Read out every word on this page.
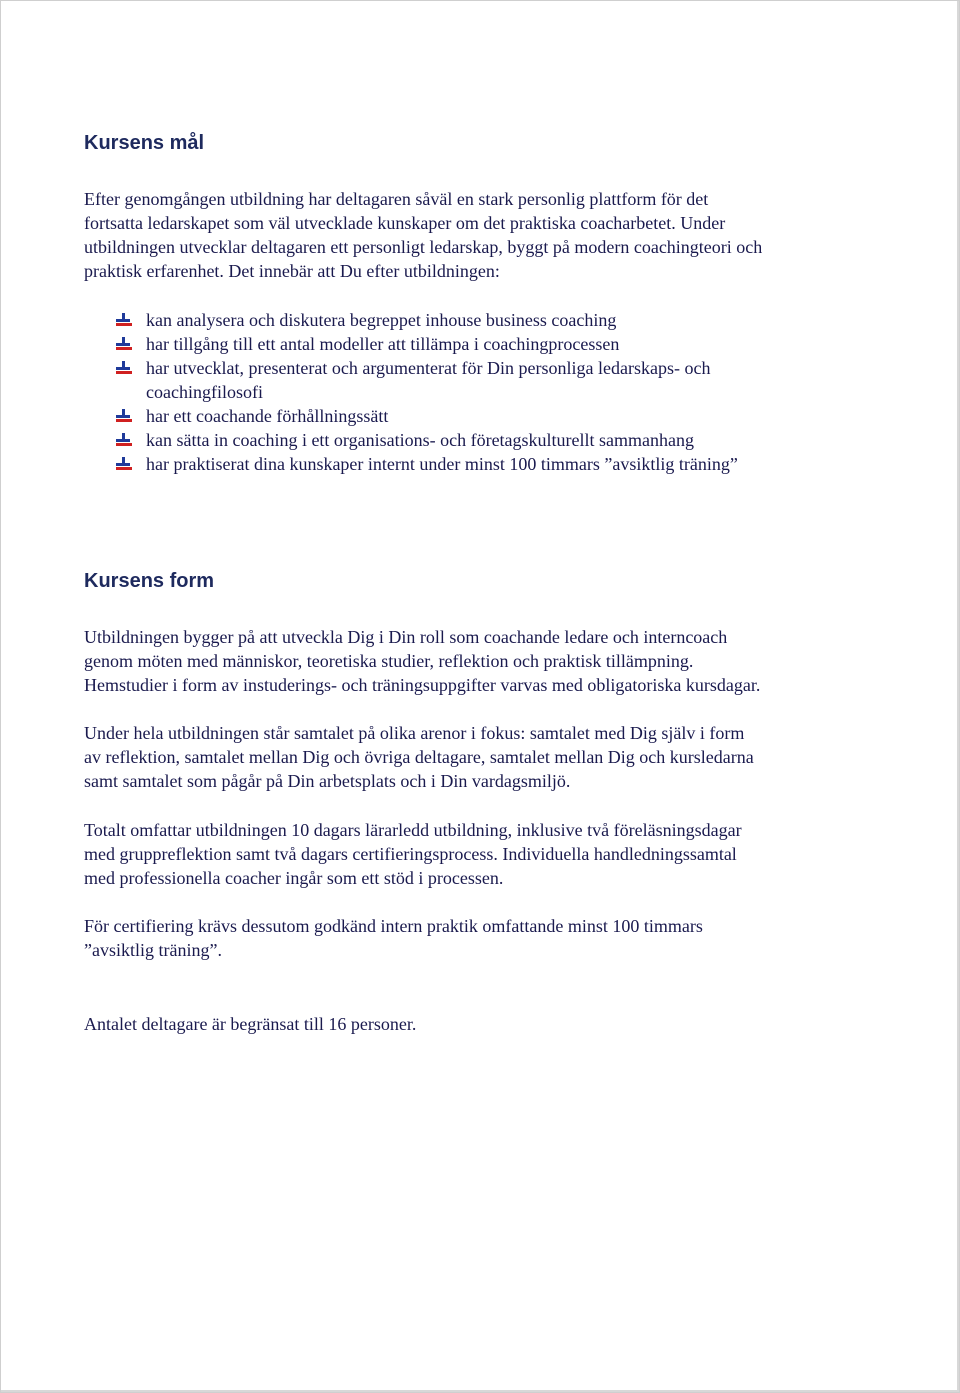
Kursens mål

Efter genomgången utbildning har deltagaren såväl en stark personlig plattform för det
fortsatta ledarskapet som väl utvecklade kunskaper om det praktiska coacharbetet. Under
utbildningen utvecklar deltagaren ett personligt ledarskap, byggt på modern coachingteori och
praktisk erfarenhet. Det innebär att Du efter utbildningen:

kan analysera och diskutera begreppet inhouse business coaching
har tillgång till ett antal modeller att tillämpa i coachingprocessen
har utvecklat, presenterat och argumenterat för Din personliga ledarskaps- och
coachingfilosofi
har ett coachande förhållningssätt
kan sätta in coaching i ett organisations- och företagskulturellt sammanhang
har praktiserat dina kunskaper internt under minst 100 timmars ”avsiktlig träning”
Kursens form

Utbildningen bygger på att utveckla Dig i Din roll som coachande ledare och interncoach
genom möten med människor, teoretiska studier, reflektion och praktisk tillämpning.
Hemstudier i form av instuderings- och träningsuppgifter varvas med obligatoriska kursdagar.

Under hela utbildningen står samtalet på olika arenor i fokus: samtalet med Dig själv i form
av reflektion, samtalet mellan Dig och övriga deltagare, samtalet mellan Dig och kursledarna
samt samtalet som pågår på Din arbetsplats och i Din vardagsmiljö.

Totalt omfattar utbildningen 10 dagars lärarledd utbildning, inklusive två föreläsningsdagar
med gruppreflektion samt två dagars certifieringsprocess. Individuella handledningssamtal
med professionella coacher ingår som ett stöd i processen.

För certifiering krävs dessutom godkänd intern praktik omfattande minst 100 timmars
”avsiktlig träning”.

Antalet deltagare är begränsat till 16 personer.
